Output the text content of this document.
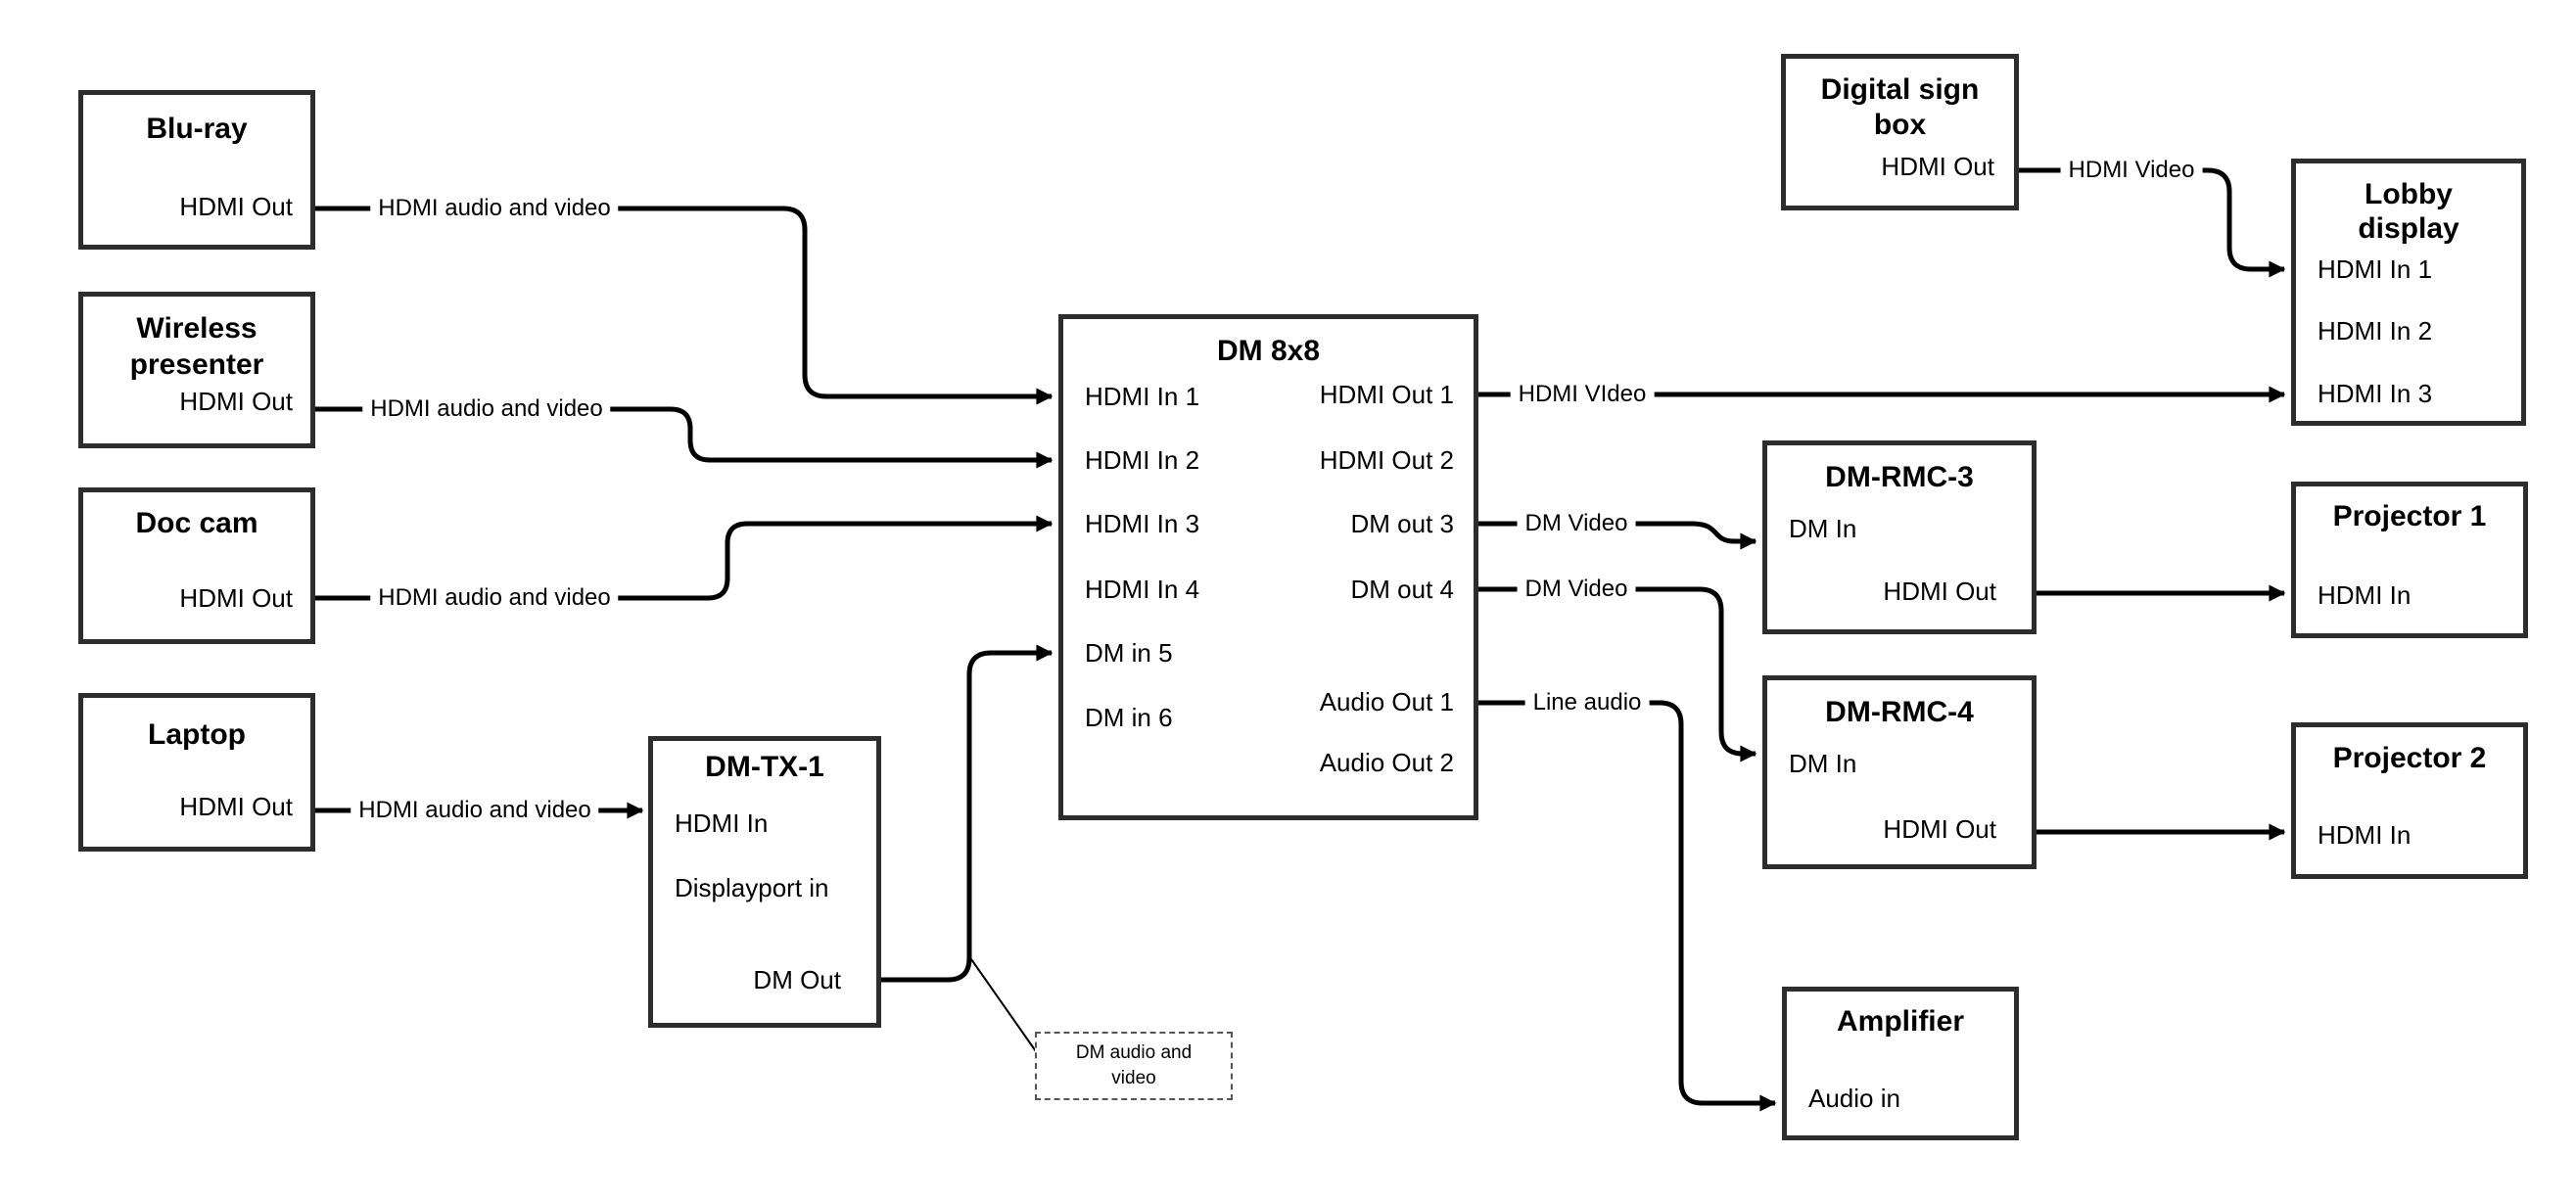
Blu-ray
HDMI Out
Wireless
presenter
HDMI Out
Doc cam
HDMI Out
Laptop
HDMI Out
DM-TX-1
HDMI In
Displayport in
DM Out
DM 8x8
HDMI In 1
HDMI In 2
HDMI In 3
HDMI In 4
DM in 5
DM in 6
HDMI Out 1
HDMI Out 2
DM out 3
DM out 4
Audio Out 1
Audio Out 2
Digital sign
box
HDMI Out
Lobby
display
HDMI In 1
HDMI In 2
HDMI In 3
DM-RMC-3
DM In
HDMI Out
DM-RMC-4
DM In
HDMI Out
Projector 1
HDMI In
Projector 2
HDMI In
Amplifier
Audio in
HDMI audio and video
HDMI audio and video
HDMI audio and video
HDMI audio and video
HDMI VIdeo
HDMI Video
DM Video
DM Video
Line audio
DM audio and
video
